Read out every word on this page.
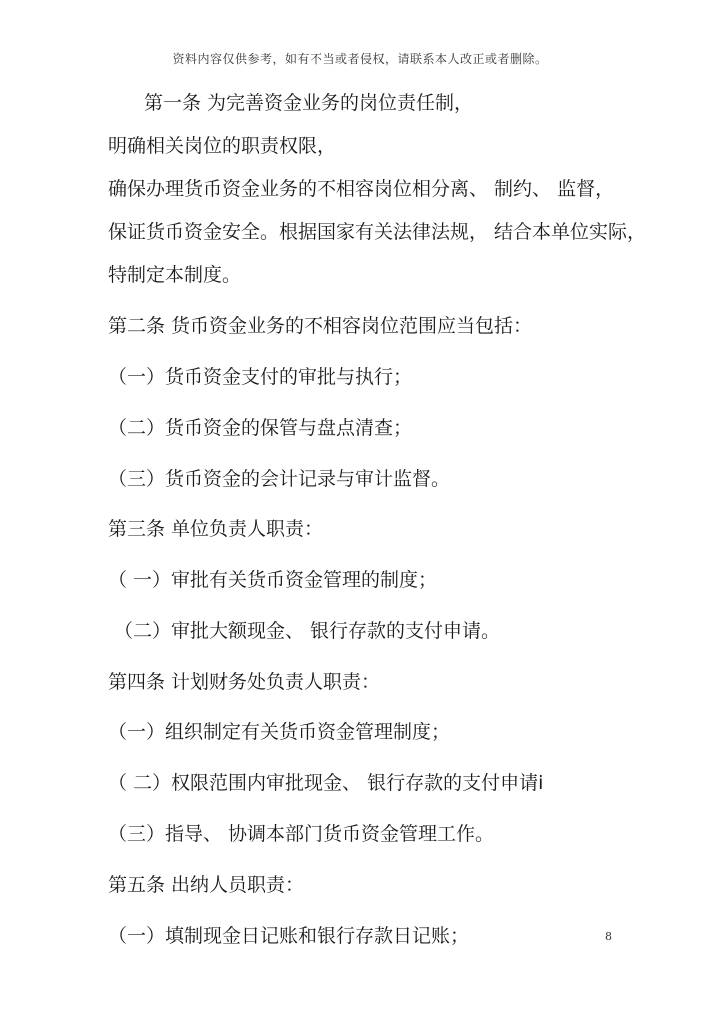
资料内容仅供参考，如有不当或者侵权，请联系本人改正或者删除。
第一条 为完善资金业务的岗位责任制，
明确相关岗位的职责权限，
确保办理货币资金业务的不相容岗位相分离、 制约、 监督，
保证货币资金安全。根据国家有关法律法规， 结合本单位实际，
特制定本制度。
第二条 货币资金业务的不相容岗位范围应当包括：
（一）货币资金支付的审批与执行；
（二）货币资金的保管与盘点清查；
（三）货币资金的会计记录与审计监督。
第三条 单位负责人职责：
（ 一）审批有关货币资金管理的制度；
（二）审批大额现金、 银行存款的支付申请。
第四条 计划财务处负责人职责：
（一）组织制定有关货币资金管理制度；
（ 二）权限范围内审批现金、 银行存款的支付申请i
（三）指导、 协调本部门货币资金管理工作。
第五条 出纳人员职责：
（一）填制现金日记账和银行存款日记账；	8
